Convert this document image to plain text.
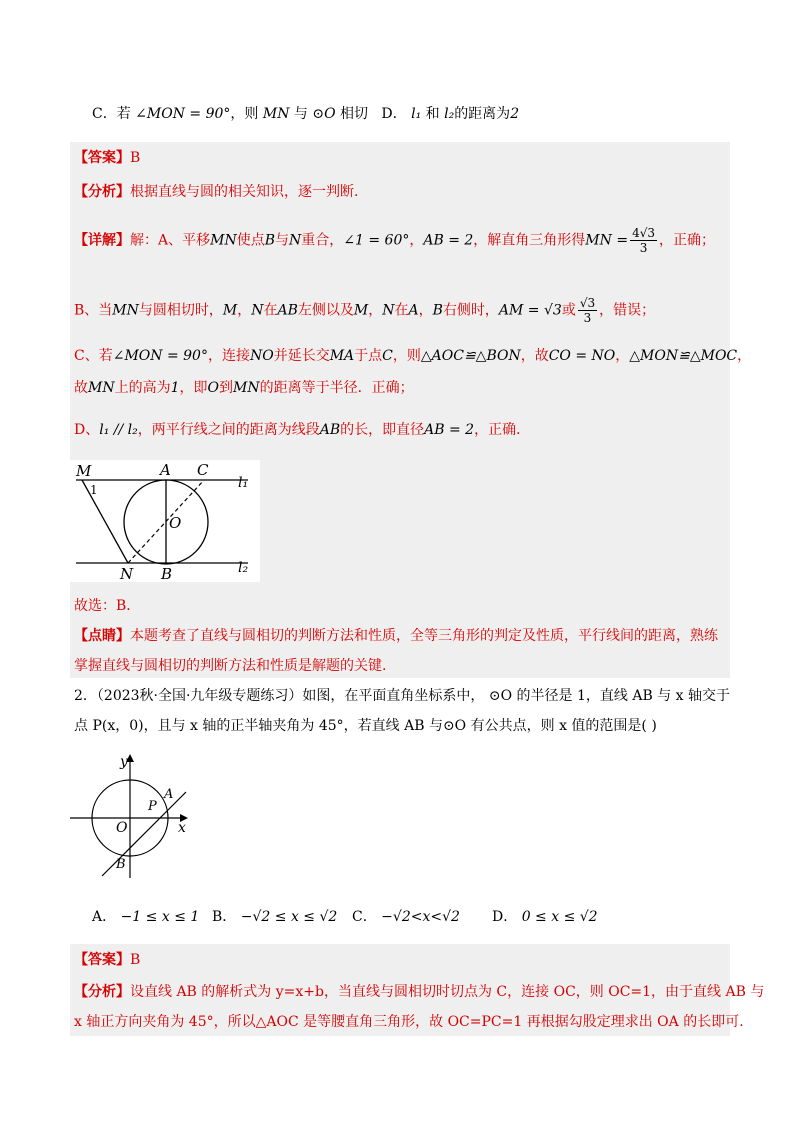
C．若 ∠MON = 90°，则 MN 与 ⊙O 相切 D． l₁ 和 l₂的距离为2
【答案】B
【分析】根据直线与圆的相关知识，逐一判断.
【详解】解：A、平移MN使点B与N重合，∠1 = 60°，AB = 2，解直角三角形得MN = $\frac{4√3}{3}$ ，正确；
B、当MN与圆相切时，M，N在AB左侧以及M，N在A，B右侧时，AM = √3或 $\frac{√3}{3}$ ，错误；
C、若∠MON = 90°，连接NO并延长交MA于点C，则△AOC≌△BON，故CO = NO，△MON≌△MOC，
故MN上的高为1，即O到MN的距离等于半径．正确；
D、l₁ // l₂，两平行线之间的距离为线段AB的长，即直径AB = 2，正确．
M	A C
l₁
1
O
N B	l₂
故选：B．
【点睛】本题考查了直线与圆相切的判断方法和性质，全等三角形的判定及性质，平行线间的距离，熟练
掌握直线与圆相切的判断方法和性质是解题的关键.
2．（2023秋·全国·九年级专题练习）如图，在平面直角坐标系中， ⊙O 的半径是 1，直线 AB 与 x 轴交于
点 P(x，0)，且与 x 轴的正半轴夹角为 45°，若直线 AB 与⊙O 有公共点，则 x 值的范围是( )
y
x
O
P
A
B
A． −1 ≤ x ≤ 1 B． −√2 ≤ x ≤ √2 C． −√2<x<√2 D． 0 ≤ x ≤ √2
【答案】B
【分析】设直线 AB 的解析式为 y=x+b，当直线与圆相切时切点为 C，连接 OC，则 OC=1，由于直线 AB 与
x 轴正方向夹角为 45°，所以△AOC 是等腰直角三角形，故 OC=PC=1 再根据勾股定理求出 OA 的长即可.
